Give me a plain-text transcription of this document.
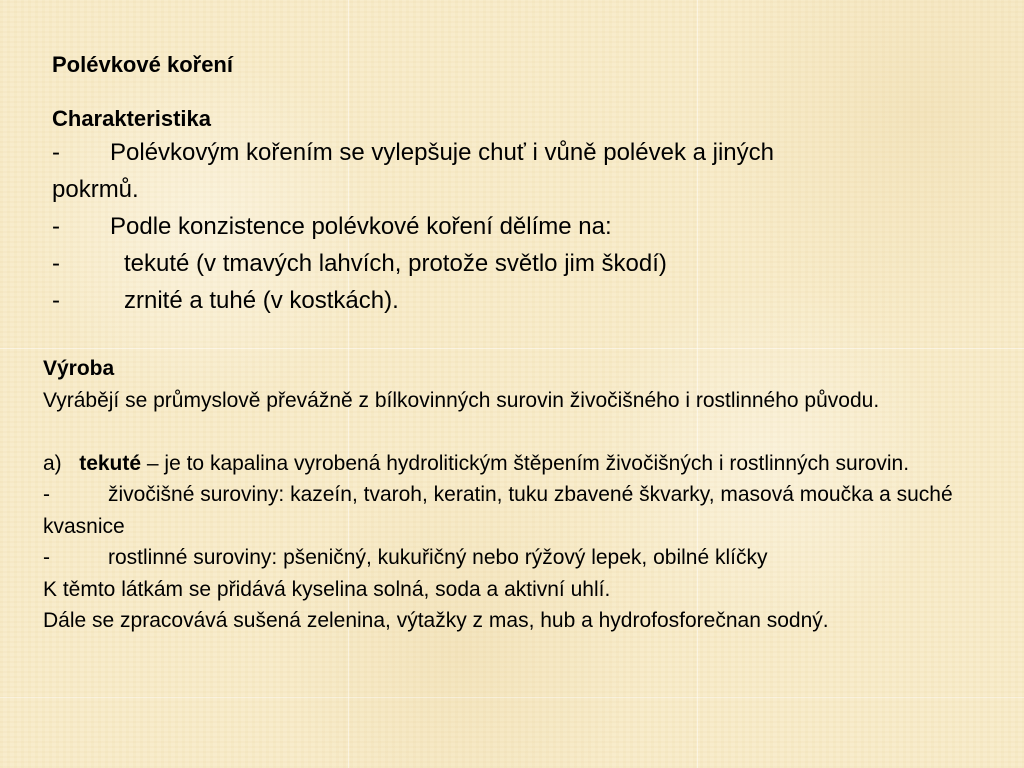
Polévkové koření

Charakteristika

- Polévkovým kořením se vylepšuje chuť i vůně polévek a jiných

pokrmů.

- Podle konzistence polévkové koření dělíme na:

-	tekuté (v tmavých lahvích, protože světlo jim škodí)

-	zrnité a tuhé (v kostkách).

Výroba

Vyrábějí se průmyslově převážně z bílkovinných surovin živočišného i rostlinného původu.

a) tekuté – je to kapalina vyrobená hydrolitickým štěpením živočišných i rostlinných surovin.

-	živočišné suroviny: kazeín, tvaroh, keratin, tuku zbavené škvarky, masová moučka a suché kvasnice

-	rostlinné suroviny: pšeničný, kukuřičný nebo rýžový lepek, obilné klíčky

K těmto látkám se přidává kyselina solná, soda a aktivní uhlí.

Dále se zpracovává sušená zelenina, výtažky z mas, hub a hydrofosforečnan sodný.
